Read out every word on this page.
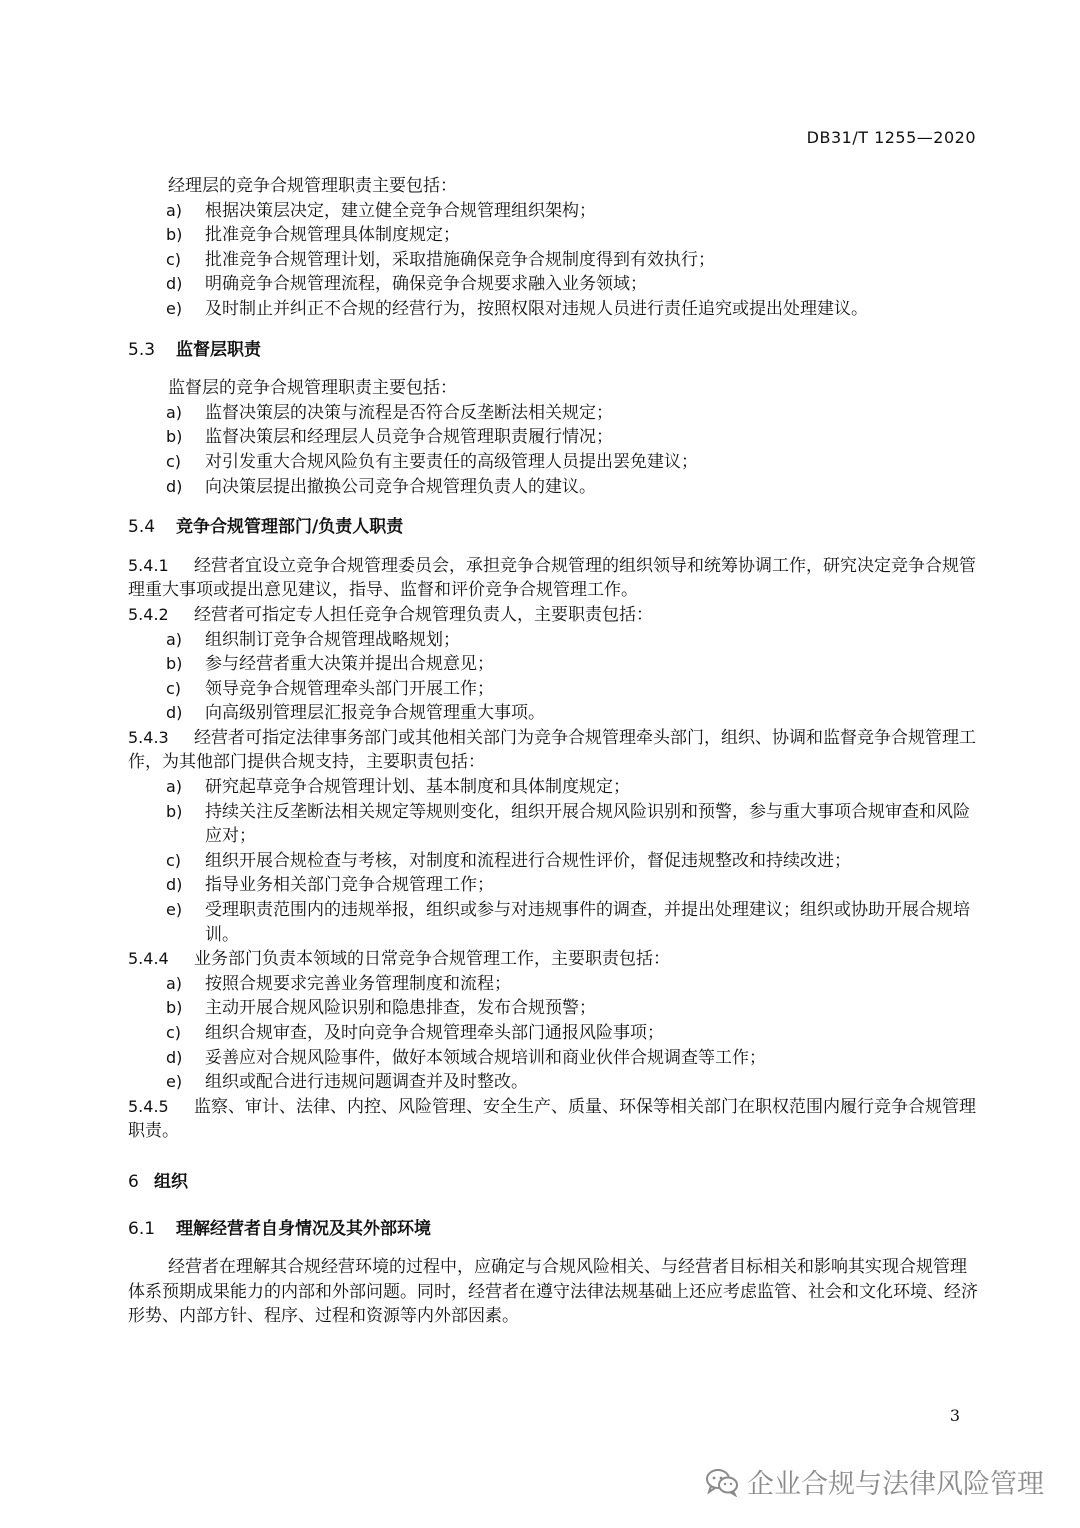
DB31/T 1255—2020

经理层的竞争合规管理职责主要包括：

a) 根据决策层决定，建立健全竞争合规管理组织架构；

b) 批准竞争合规管理具体制度规定；

c) 批准竞争合规管理计划，采取措施确保竞争合规制度得到有效执行；

d) 明确竞争合规管理流程，确保竞争合规要求融入业务领域；

e) 及时制止并纠正不合规的经营行为，按照权限对违规人员进行责任追究或提出处理建议。

5.3 监督层职责

监督层的竞争合规管理职责主要包括：

a) 监督决策层的决策与流程是否符合反垄断法相关规定；

b) 监督决策层和经理层人员竞争合规管理职责履行情况；

c) 对引发重大合规风险负有主要责任的高级管理人员提出罢免建议；

d) 向决策层提出撤换公司竞争合规管理负责人的建议。

5.4 竞争合规管理部门/负责人职责

5.4.1 经营者宜设立竞争合规管理委员会，承担竞争合规管理的组织领导和统筹协调工作，研究决定竞争合规管理重大事项或提出意见建议，指导、监督和评价竞争合规管理工作。

5.4.2 经营者可指定专人担任竞争合规管理负责人，主要职责包括：

a) 组织制订竞争合规管理战略规划；

b) 参与经营者重大决策并提出合规意见；

c) 领导竞争合规管理牵头部门开展工作；

d) 向高级别管理层汇报竞争合规管理重大事项。

5.4.3 经营者可指定法律事务部门或其他相关部门为竞争合规管理牵头部门，组织、协调和监督竞争合规管理工作，为其他部门提供合规支持，主要职责包括：

a) 研究起草竞争合规管理计划、基本制度和具体制度规定；

b) 持续关注反垄断法相关规定等规则变化，组织开展合规风险识别和预警，参与重大事项合规审查和风险应对；

c) 组织开展合规检查与考核，对制度和流程进行合规性评价，督促违规整改和持续改进；

d) 指导业务相关部门竞争合规管理工作；

e) 受理职责范围内的违规举报，组织或参与对违规事件的调查，并提出处理建议；组织或协助开展合规培训。

5.4.4 业务部门负责本领域的日常竞争合规管理工作，主要职责包括：

a) 按照合规要求完善业务管理制度和流程；

b) 主动开展合规风险识别和隐患排查，发布合规预警；

c) 组织合规审查，及时向竞争合规管理牵头部门通报风险事项；

d) 妥善应对合规风险事件，做好本领域合规培训和商业伙伴合规调查等工作；

e) 组织或配合进行违规问题调查并及时整改。

5.4.5 监察、审计、法律、内控、风险管理、安全生产、质量、环保等相关部门在职权范围内履行竞争合规管理职责。

6 组织
6.1 理解经营者自身情况及其外部环境

经营者在理解其合规经营环境的过程中，应确定与合规风险相关、与经营者目标相关和影响其实现合规管理体系预期成果能力的内部和外部问题。同时，经营者在遵守法律法规基础上还应考虑监管、社会和文化环境、经济形势、内部方针、程序、过程和资源等内外部因素。

3
企业合规与法律风险管理
